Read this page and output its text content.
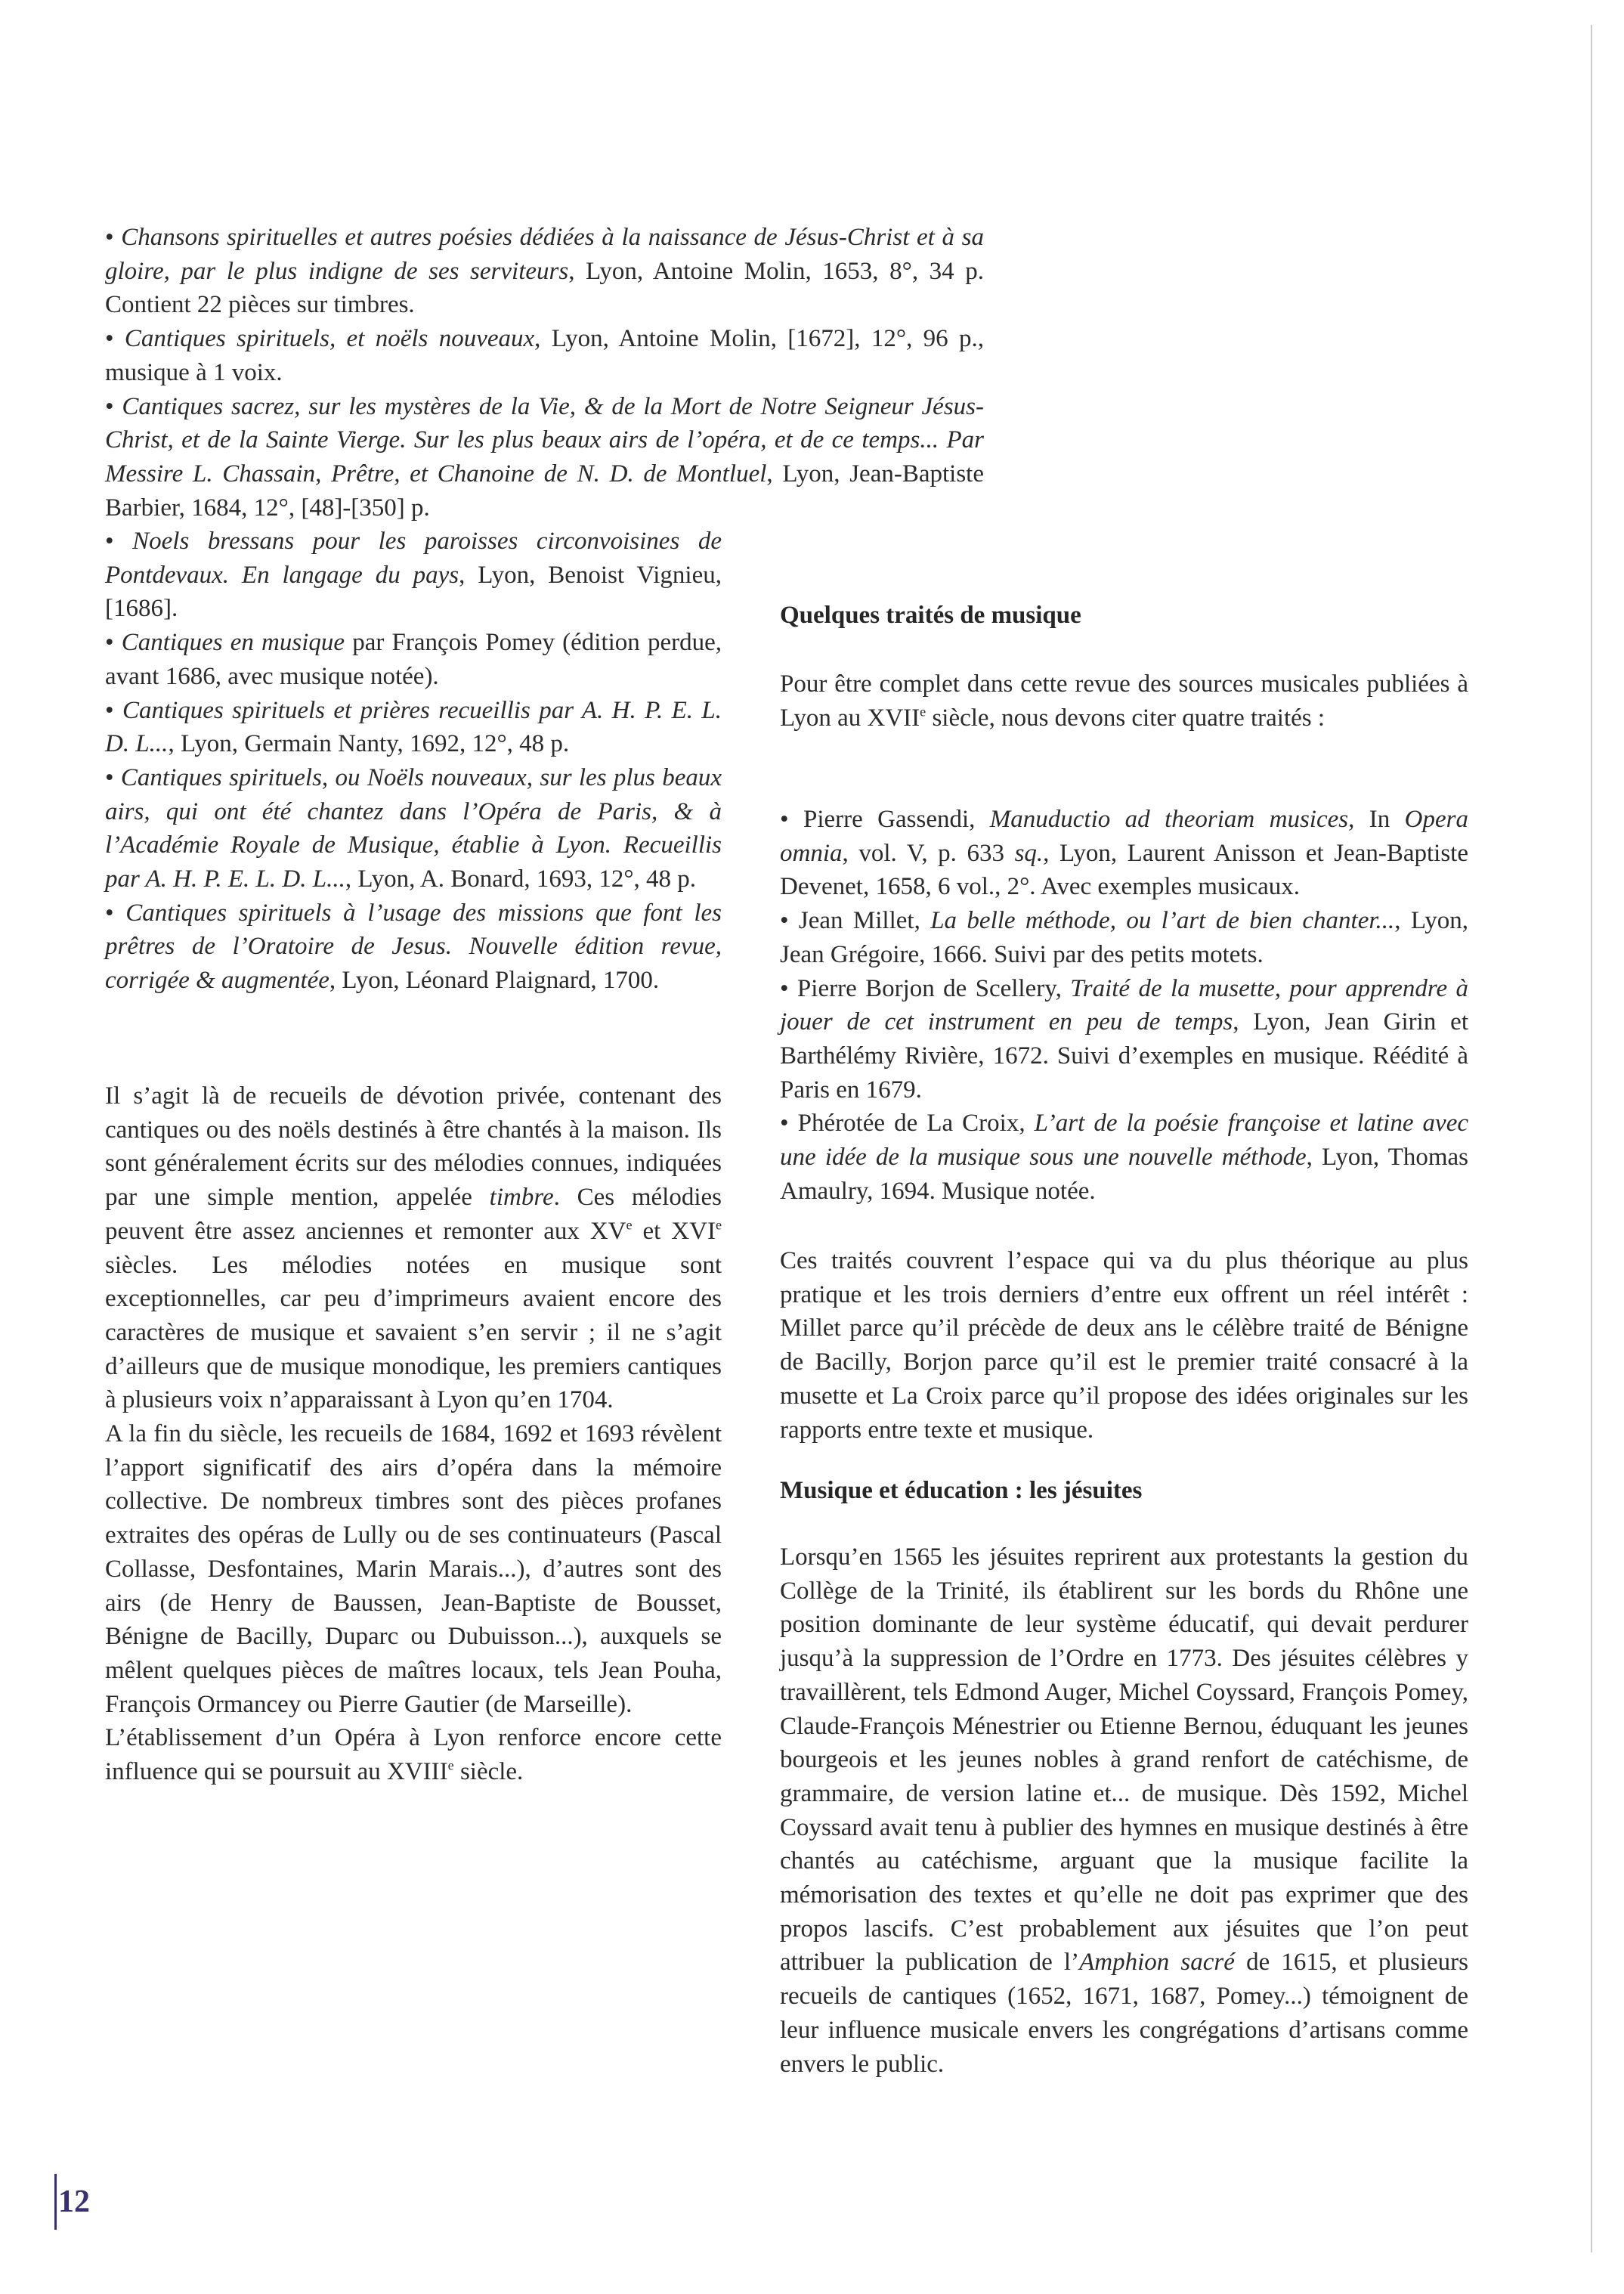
• Chansons spirituelles et autres poésies dédiées à la naissance de Jésus-Christ et à sa gloire, par le plus indigne de ses serviteurs, Lyon, Antoine Molin, 1653, 8°, 34 p. Contient 22 pièces sur timbres.

• Cantiques spirituels, et noëls nouveaux, Lyon, Antoine Molin, [1672], 12°, 96 p., musique à 1 voix.

• Cantiques sacrez, sur les mystères de la Vie, & de la Mort de Notre Seigneur Jésus-Christ, et de la Sainte Vierge. Sur les plus beaux airs de l’opéra, et de ce temps... Par Messire L. Chassain, Prêtre, et Chanoine de N. D. de Montluel, Lyon, Jean-Baptiste Barbier, 1684, 12°, [48]-[350] p.

• Noels bressans pour les paroisses circonvoisines de Pontdevaux. En langage du pays, Lyon, Benoist Vignieu, [1686].

• Cantiques en musique par François Pomey (édition perdue, avant 1686, avec musique notée).

• Cantiques spirituels et prières recueillis par A. H. P. E. L. D. L..., Lyon, Germain Nanty, 1692, 12°, 48 p.

• Cantiques spirituels, ou Noëls nouveaux, sur les plus beaux airs, qui ont été chantez dans l’Opéra de Paris, & à l’Académie Royale de Musique, établie à Lyon. Recueillis par A. H. P. E. L. D. L..., Lyon, A. Bonard, 1693, 12°, 48 p.

• Cantiques spirituels à l’usage des missions que font les prêtres de l’Oratoire de Jesus. Nouvelle édition revue, corrigée & augmentée, Lyon, Léonard Plaignard, 1700.

Il s’agit là de recueils de dévotion privée, contenant des cantiques ou des noëls destinés à être chantés à la maison. Ils sont généralement écrits sur des mélodies connues, indiquées par une simple mention, appelée timbre. Ces mélodies peuvent être assez anciennes et remonter aux XVe et XVIe siècles. Les mélodies notées en musique sont exceptionnelles, car peu d’imprimeurs avaient encore des caractères de musique et savaient s’en servir ; il ne s’agit d’ailleurs que de musique monodique, les premiers cantiques à plusieurs voix n’apparaissant à Lyon qu’en 1704.

A la fin du siècle, les recueils de 1684, 1692 et 1693 révèlent l’apport significatif des airs d’opéra dans la mémoire collective. De nombreux timbres sont des pièces profanes extraites des opéras de Lully ou de ses continuateurs (Pascal Collasse, Desfontaines, Marin Marais...), d’autres sont des airs (de Henry de Baussen, Jean-Baptiste de Bousset, Bénigne de Bacilly, Duparc ou Dubuisson...), auxquels se mêlent quelques pièces de maîtres locaux, tels Jean Pouha, François Ormancey ou Pierre Gautier (de Marseille).

L’établissement d’un Opéra à Lyon renforce encore cette influence qui se poursuit au XVIIIe siècle.

Quelques traités de musique

Pour être complet dans cette revue des sources musicales publiées à Lyon au XVIIe siècle, nous devons citer quatre traités :

• Pierre Gassendi, Manuductio ad theoriam musices, In Opera omnia, vol. V, p. 633 sq., Lyon, Laurent Anisson et Jean-Baptiste Devenet, 1658, 6 vol., 2°. Avec exemples musicaux.

• Jean Millet, La belle méthode, ou l’art de bien chanter..., Lyon, Jean Grégoire, 1666. Suivi par des petits motets.

• Pierre Borjon de Scellery, Traité de la musette, pour apprendre à jouer de cet instrument en peu de temps, Lyon, Jean Girin et Barthélémy Rivière, 1672. Suivi d’exemples en musique. Réédité à Paris en 1679.

• Phérotée de La Croix, L’art de la poésie françoise et latine avec une idée de la musique sous une nouvelle méthode, Lyon, Thomas Amaulry, 1694. Musique notée.

Ces traités couvrent l’espace qui va du plus théorique au plus pratique et les trois derniers d’entre eux offrent un réel intérêt : Millet parce qu’il précède de deux ans le célèbre traité de Bénigne de Bacilly, Borjon parce qu’il est le premier traité consacré à la musette et La Croix parce qu’il propose des idées originales sur les rapports entre texte et musique.

Musique et éducation : les jésuites

Lorsqu’en 1565 les jésuites reprirent aux protestants la gestion du Collège de la Trinité, ils établirent sur les bords du Rhône une position dominante de leur système éducatif, qui devait perdurer jusqu’à la suppression de l’Ordre en 1773. Des jésuites célèbres y travaillèrent, tels Edmond Auger, Michel Coyssard, François Pomey, Claude-François Ménestrier ou Etienne Bernou, éduquant les jeunes bourgeois et les jeunes nobles à grand renfort de catéchisme, de grammaire, de version latine et... de musique. Dès 1592, Michel Coyssard avait tenu à publier des hymnes en musique destinés à être chantés au catéchisme, arguant que la musique facilite la mémorisation des textes et qu’elle ne doit pas exprimer que des propos lascifs. C’est probablement aux jésuites que l’on peut attribuer la publication de l’Amphion sacré de 1615, et plusieurs recueils de cantiques (1652, 1671, 1687, Pomey...) témoignent de leur influence musicale envers les congrégations d’artisans comme envers le public.

12
